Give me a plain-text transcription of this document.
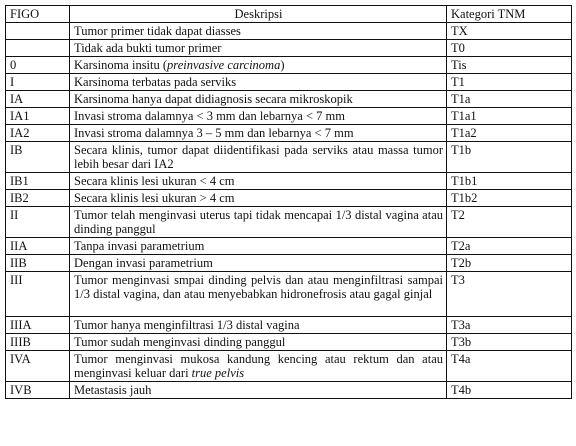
FIGO	Deskripsi	Kategori TNM
	Tumor primer tidak dapat diasses	TX
	Tidak ada bukti tumor primer	T0
0	Karsinoma insitu (preinvasive carcinoma)	Tis
I	Karsinoma terbatas pada serviks	T1
IA	Karsinoma hanya dapat didiagnosis secara mikroskopik	T1a
IA1	Invasi stroma dalamnya < 3 mm dan lebarnya < 7 mm	T1a1
IA2	Invasi stroma dalamnya 3 – 5 mm dan lebarnya < 7 mm	T1a2
IB	Secara klinis, tumor dapat diidentifikasi pada serviks atau massa tumor lebih besar dari IA2	T1b
IB1	Secara klinis lesi ukuran < 4 cm	T1b1
IB2	Secara klinis lesi ukuran > 4 cm	T1b2
II	Tumor telah menginvasi uterus tapi tidak mencapai 1/3 distal vagina atau dinding panggul	T2
IIA	Tanpa invasi parametrium	T2a
IIB	Dengan invasi parametrium	T2b
III	Tumor menginvasi smpai dinding pelvis dan atau menginfiltrasi sampai 1/3 distal vagina, dan atau menyebabkan hidronefrosis atau gagal ginjal	T3
IIIA	Tumor hanya menginfiltrasi 1/3 distal vagina	T3a
IIIB	Tumor sudah menginvasi dinding panggul	T3b
IVA	Tumor menginvasi mukosa kandung kencing atau rektum dan atau menginvasi keluar dari true pelvis	T4a
IVB	Metastasis jauh	T4b
